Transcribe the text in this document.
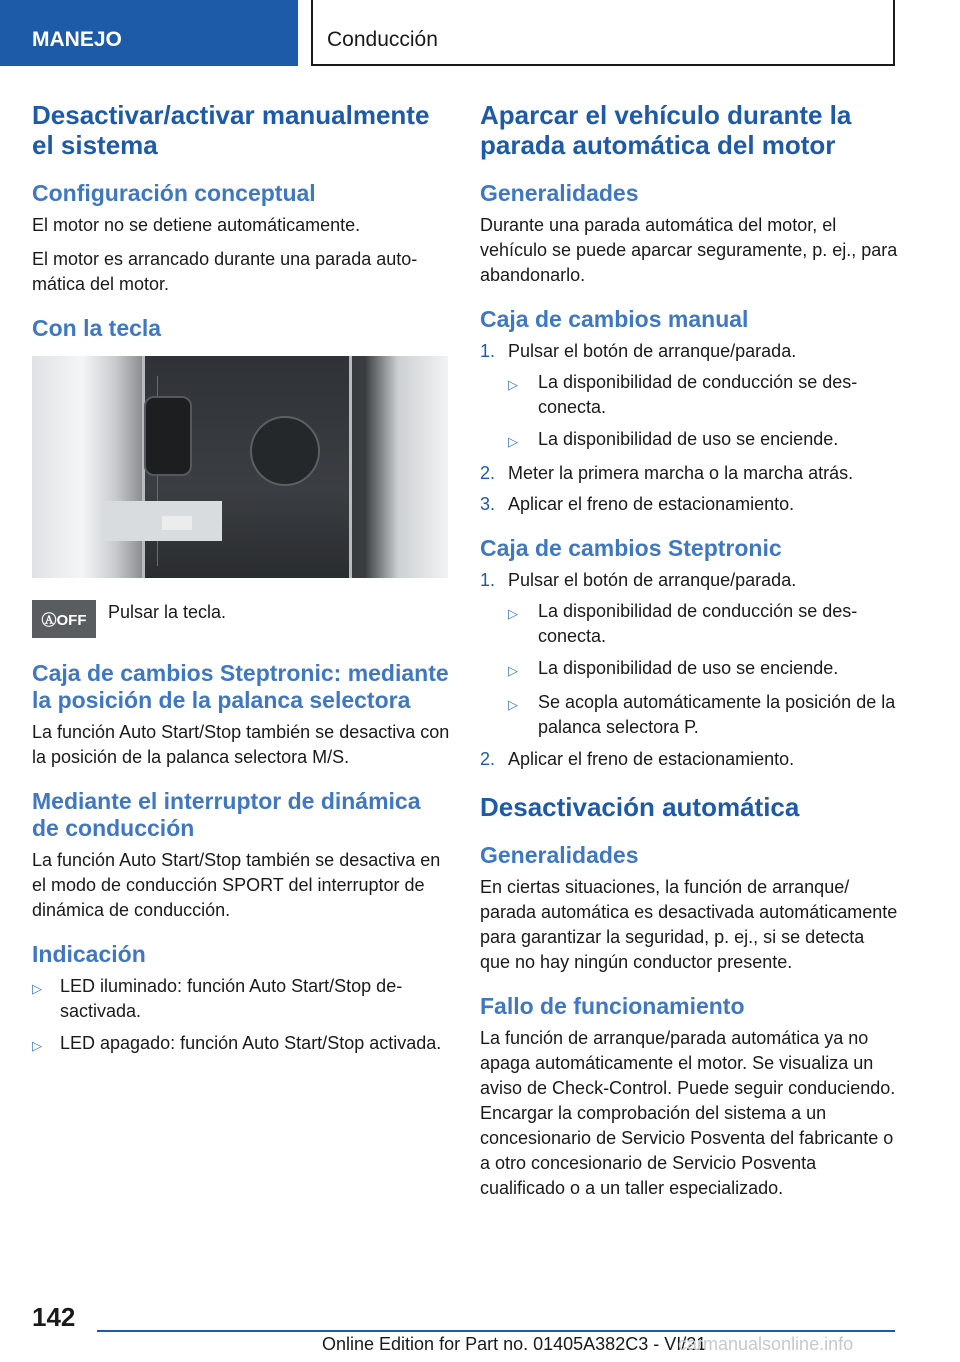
MANEJO	Conducción
Desactivar/activar manualmente el sistema
Configuración conceptual
El motor no se detiene automáticamente.
El motor es arrancado durante una parada automática del motor.
Con la tecla
ⒶOFF Pulsar la tecla.
Caja de cambios Steptronic: mediante la posición de la palanca selectora
La función Auto Start/Stop también se desactiva con la posición de la palanca selectora M/S.
Mediante el interruptor de dinámica de conducción
La función Auto Start/Stop también se desactiva en el modo de conducción SPORT del interruptor de dinámica de conducción.
Indicación
▷	LED iluminado: función Auto Start/Stop desactivada.
▷	LED apagado: función Auto Start/Stop activada.
Aparcar el vehículo durante la parada automática del motor
Generalidades
Durante una parada automática del motor, el vehículo se puede aparcar seguramente, p. ej., para abandonarlo.
Caja de cambios manual
1. Pulsar el botón de arranque/parada.
▷	La disponibilidad de conducción se desconecta.
▷	La disponibilidad de uso se enciende.
2. Meter la primera marcha o la marcha atrás.
3. Aplicar el freno de estacionamiento.
Caja de cambios Steptronic
1. Pulsar el botón de arranque/parada.
▷	La disponibilidad de conducción se desconecta.
▷	La disponibilidad de uso se enciende.
▷	Se acopla automáticamente la posición de la palanca selectora P.
2. Aplicar el freno de estacionamiento.
Desactivación automática
Generalidades
En ciertas situaciones, la función de arranque/ parada automática es desactivada automáticamente para garantizar la seguridad, p. ej., si se detecta que no hay ningún conductor presente.
Fallo de funcionamiento
La función de arranque/parada automática ya no apaga automáticamente el motor. Se visualiza un aviso de Check-Control. Puede seguir conduciendo. Encargar la comprobación del sistema a un concesionario de Servicio Posventa del fabricante o a otro concesionario de Servicio Posventa cualificado o a un taller especializado.
142
Online Edition for Part no. 01405A382C3 - VI/21
carmanualsonline.info
